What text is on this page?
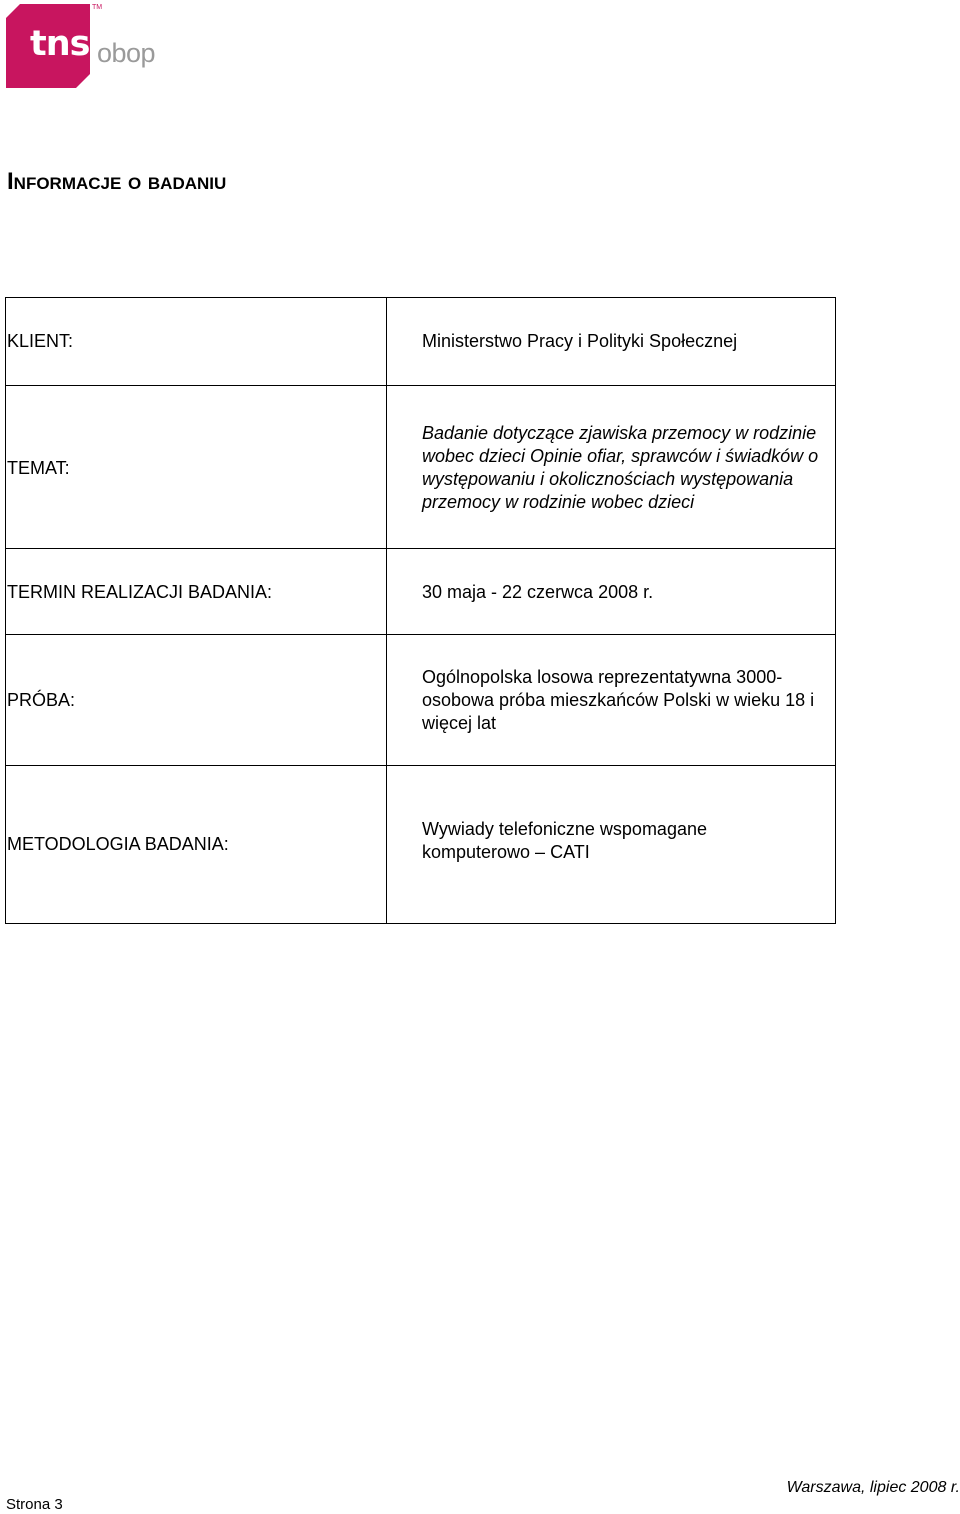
tns
TM
obop
Informacje o badaniu
KLIENT:	Ministerstwo Pracy i Polityki Społecznej

TEMAT:	Badanie dotyczące zjawiska przemocy w rodzinie wobec dzieci Opinie ofiar, sprawców i świadków o występowaniu i okolicznościach występowania przemocy w rodzinie wobec dzieci

TERMIN REALIZACJI BADANIA:	30 maja - 22 czerwca 2008 r.

PRÓBA:	Ogólnopolska losowa reprezentatywna 3000-osobowa próba mieszkańców Polski w wieku 18 i więcej lat

METODOLOGIA BADANIA:	Wywiady telefoniczne wspomagane komputerowo – CATI
Strona 3
Warszawa, lipiec 2008 r.
